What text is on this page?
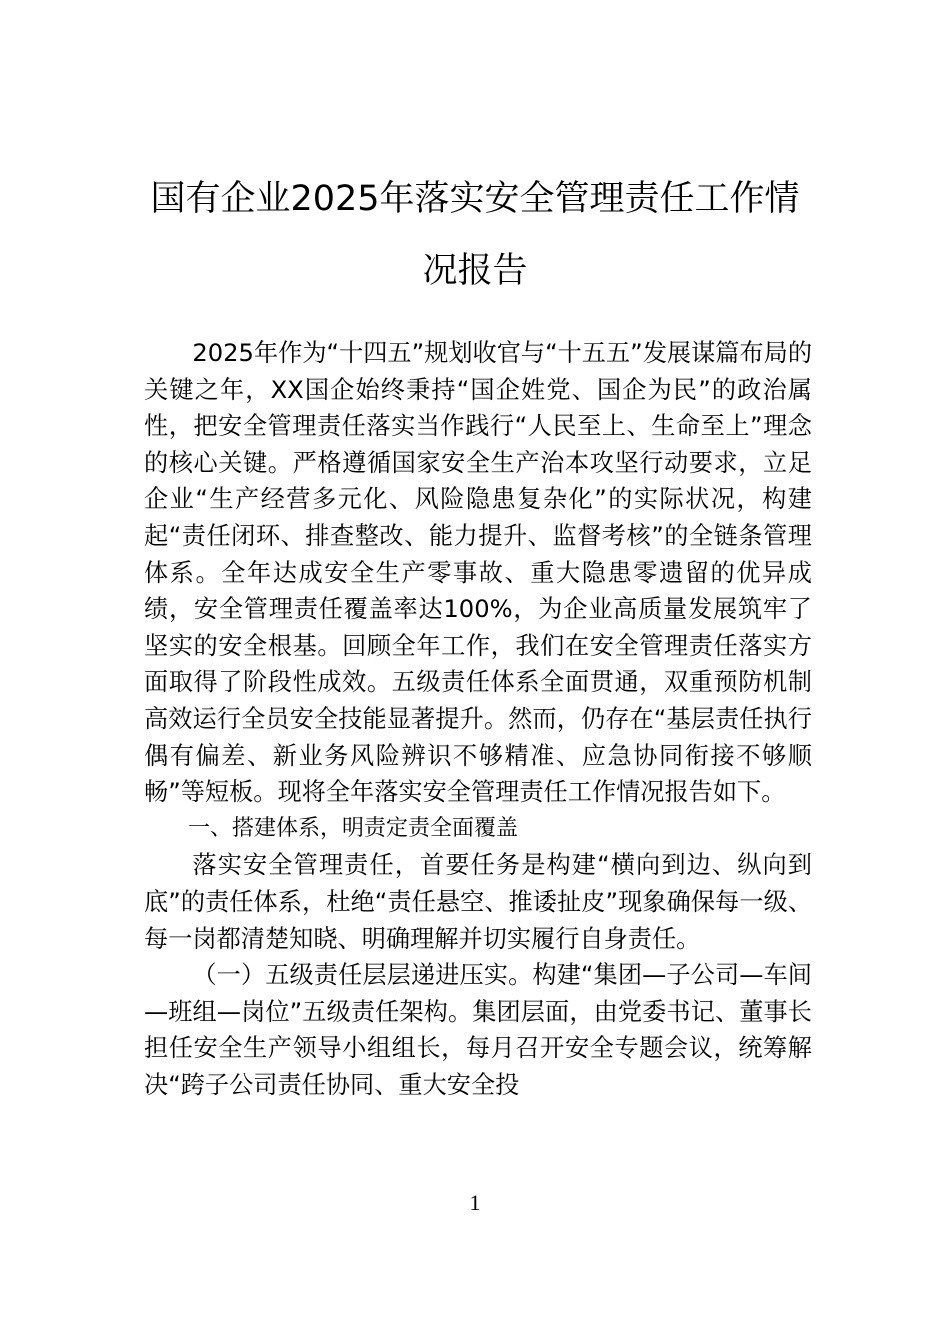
国有企业2025年落实安全管理责任工作情
况报告

2025年作为“十四五”规划收官与“十五五”发展谋篇布局的关键之年，XX国企始终秉持“国企姓党、国企为民”的政治属性，把安全管理责任落实当作践行“人民至上、生命至上”理念的核心关键。严格遵循国家安全生产治本攻坚行动要求，立足企业“生产经营多元化、风险隐患复杂化”的实际状况，构建起“责任闭环、排查整改、能力提升、监督考核”的全链条管理体系。全年达成安全生产零事故、重大隐患零遗留的优异成绩，安全管理责任覆盖率达100%，为企业高质量发展筑牢了坚实的安全根基。回顾全年工作，我们在安全管理责任落实方面取得了阶段性成效。五级责任体系全面贯通，双重预防机制高效运行全员安全技能显著提升。然而，仍存在“基层责任执行偶有偏差、新业务风险辨识不够精准、应急协同衔接不够顺畅”等短板。现将全年落实安全管理责任工作情况报告如下。

一、搭建体系，明责定责全面覆盖

落实安全管理责任，首要任务是构建“横向到边、纵向到底”的责任体系，杜绝“责任悬空、推诿扯皮”现象确保每一级、每一岗都清楚知晓、明确理解并切实履行自身责任。

（一）五级责任层层递进压实。构建“集团—子公司—车间—班组—岗位”五级责任架构。集团层面，由党委书记、董事长担任安全生产领导小组组长，每月召开安全专题会议，统筹解决“跨子公司责任协同、重大安全投

1
